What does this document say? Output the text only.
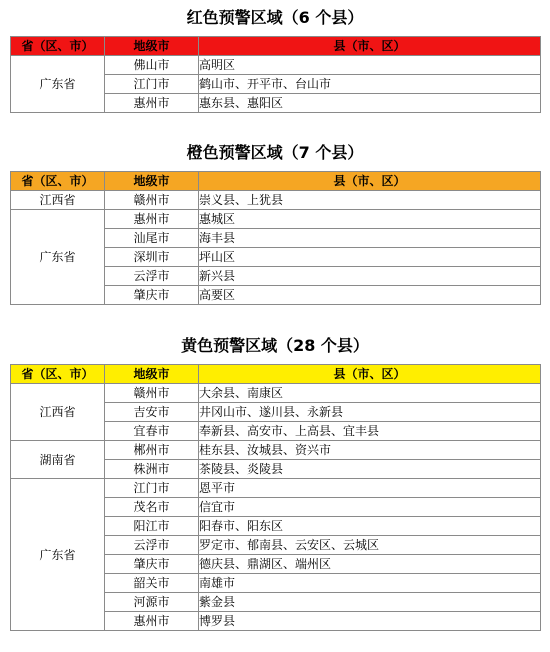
红色预警区域（6 个县）
省（区、市）	地级市	县（市、区）
广东省	佛山市	高明区
	江门市	鹤山市、开平市、台山市
	惠州市	惠东县、惠阳区
橙色预警区域（7 个县）
省（区、市）	地级市	县（市、区）
江西省	赣州市	崇义县、上犹县
广东省	惠州市	惠城区
	汕尾市	海丰县
	深圳市	坪山区
	云浮市	新兴县
	肇庆市	高要区
黄色预警区域（28 个县）
省（区、市）	地级市	县（市、区）
江西省	赣州市	大余县、南康区
	吉安市	井冈山市、遂川县、永新县
	宜春市	奉新县、高安市、上高县、宜丰县
湖南省	郴州市	桂东县、汝城县、资兴市
	株洲市	茶陵县、炎陵县
广东省	江门市	恩平市
	茂名市	信宜市
	阳江市	阳春市、阳东区
	云浮市	罗定市、郁南县、云安区、云城区
	肇庆市	德庆县、鼎湖区、端州区
	韶关市	南雄市
	河源市	紫金县
	惠州市	博罗县
